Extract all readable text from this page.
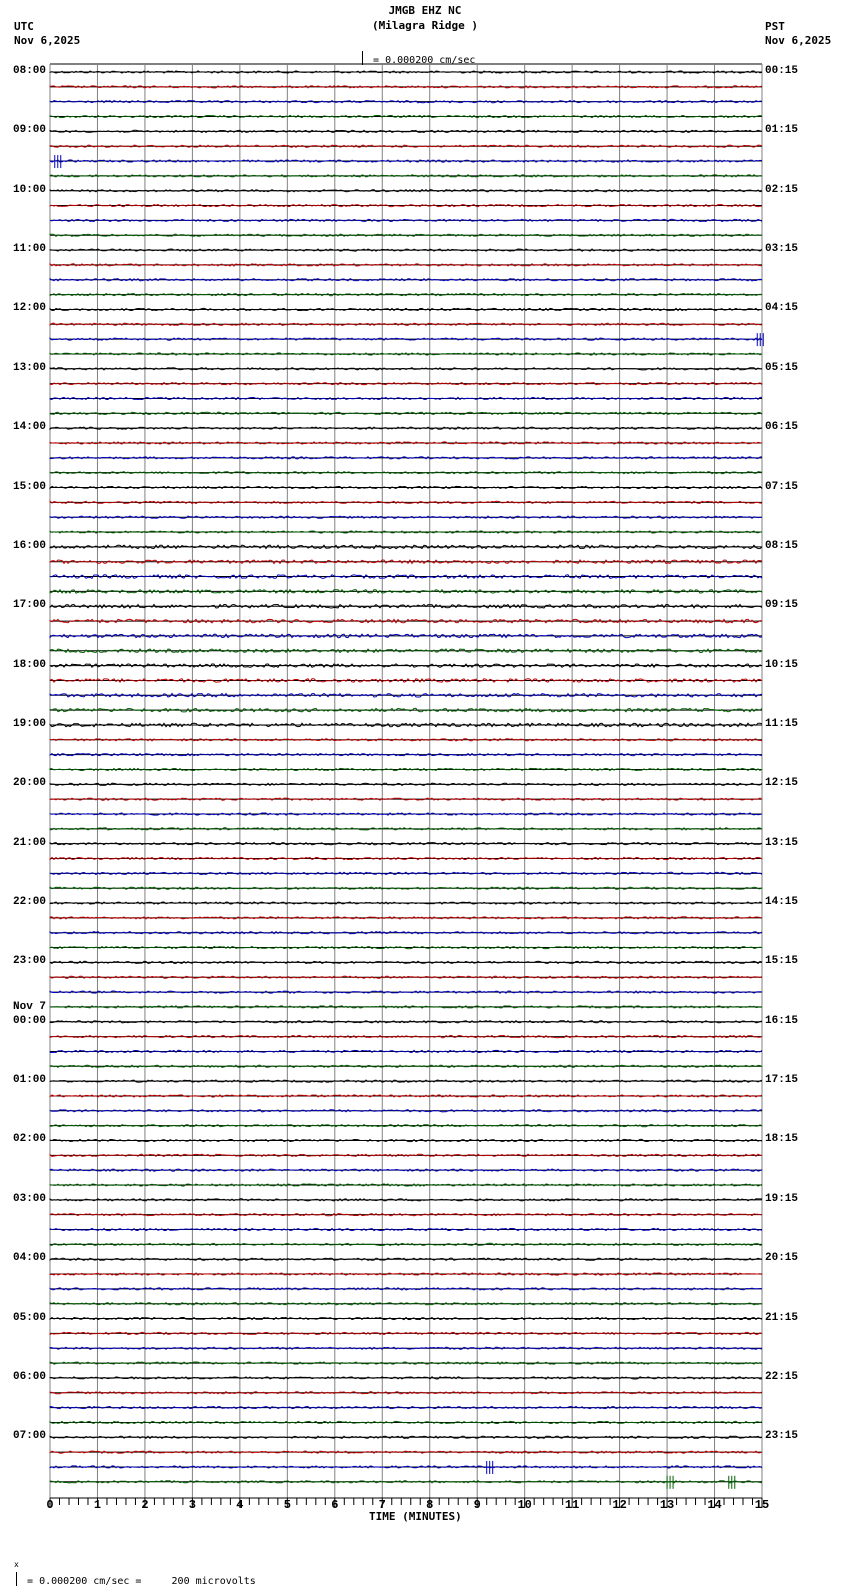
JMGB EHZ NC
(Milagra Ridge )

= 0.000200 cm/sec

UTC
Nov 6,2025
PST
Nov 6,2025
08:00
09:00
10:00
11:00
12:00
13:00
14:00
15:00
16:00
17:00
18:00
19:00
20:00
21:00
22:00
23:00
00:00
Nov 7
01:00
02:00
03:00
04:00
05:00
06:00
07:00
00:15
01:15
02:15
03:15
04:15
05:15
06:15
07:15
08:15
09:15
10:15
11:15
12:15
13:15
14:15
15:15
16:15
17:15
18:15
19:15
20:15
21:15
22:15
23:15
0	1	2	3	4	5	6	7	8	9	10	11	12	13	14	15
TIME (MINUTES)

x
= 0.000200 cm/sec =     200 microvolts
